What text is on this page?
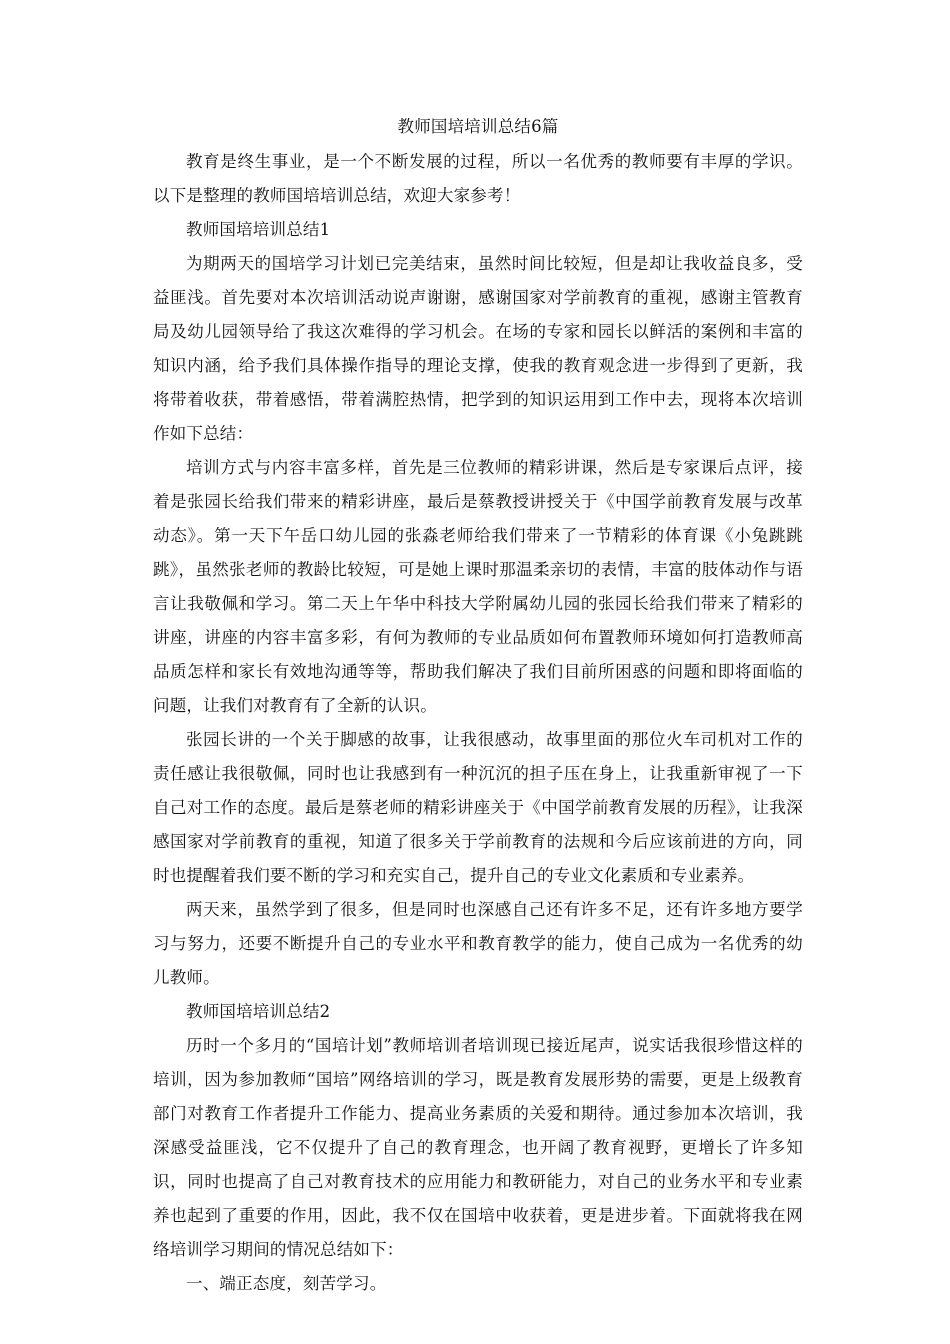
教师国培培训总结6篇

教育是终生事业，是一个不断发展的过程，所以一名优秀的教师要有丰厚的学识。以下是整理的教师国培培训总结，欢迎大家参考！

教师国培培训总结1

为期两天的国培学习计划已完美结束，虽然时间比较短，但是却让我收益良多，受益匪浅。首先要对本次培训活动说声谢谢，感谢国家对学前教育的重视，感谢主管教育局及幼儿园领导给了我这次难得的学习机会。在场的专家和园长以鲜活的案例和丰富的知识内涵，给予我们具体操作指导的理论支撑，使我的教育观念进一步得到了更新，我将带着收获，带着感悟，带着满腔热情，把学到的知识运用到工作中去，现将本次培训作如下总结：

培训方式与内容丰富多样，首先是三位教师的精彩讲课，然后是专家课后点评，接着是张园长给我们带来的精彩讲座，最后是蔡教授讲授关于《中国学前教育发展与改革动态》。第一天下午岳口幼儿园的张淼老师给我们带来了一节精彩的体育课《小兔跳跳跳》，虽然张老师的教龄比较短，可是她上课时那温柔亲切的表情，丰富的肢体动作与语言让我敬佩和学习。第二天上午华中科技大学附属幼儿园的张园长给我们带来了精彩的讲座，讲座的内容丰富多彩，有何为教师的专业品质如何布置教师环境如何打造教师高品质怎样和家长有效地沟通等等，帮助我们解决了我们目前所困惑的问题和即将面临的问题，让我们对教育有了全新的认识。

张园长讲的一个关于脚感的故事，让我很感动，故事里面的那位火车司机对工作的责任感让我很敬佩，同时也让我感到有一种沉沉的担子压在身上，让我重新审视了一下自己对工作的态度。最后是蔡老师的精彩讲座关于《中国学前教育发展的历程》，让我深感国家对学前教育的重视，知道了很多关于学前教育的法规和今后应该前进的方向，同时也提醒着我们要不断的学习和充实自己，提升自己的专业文化素质和专业素养。

两天来，虽然学到了很多，但是同时也深感自己还有许多不足，还有许多地方要学习与努力，还要不断提升自己的专业水平和教育教学的能力，使自己成为一名优秀的幼儿教师。

教师国培培训总结2

历时一个多月的“国培计划”教师培训者培训现已接近尾声，说实话我很珍惜这样的培训，因为参加教师“国培”网络培训的学习，既是教育发展形势的需要，更是上级教育部门对教育工作者提升工作能力、提高业务素质的关爱和期待。通过参加本次培训，我深感受益匪浅，它不仅提升了自己的教育理念，也开阔了教育视野，更增长了许多知识，同时也提高了自己对教育技术的应用能力和教研能力，对自己的业务水平和专业素养也起到了重要的作用，因此，我不仅在国培中收获着，更是进步着。下面就将我在网络培训学习期间的情况总结如下：

一、端正态度，刻苦学习。
